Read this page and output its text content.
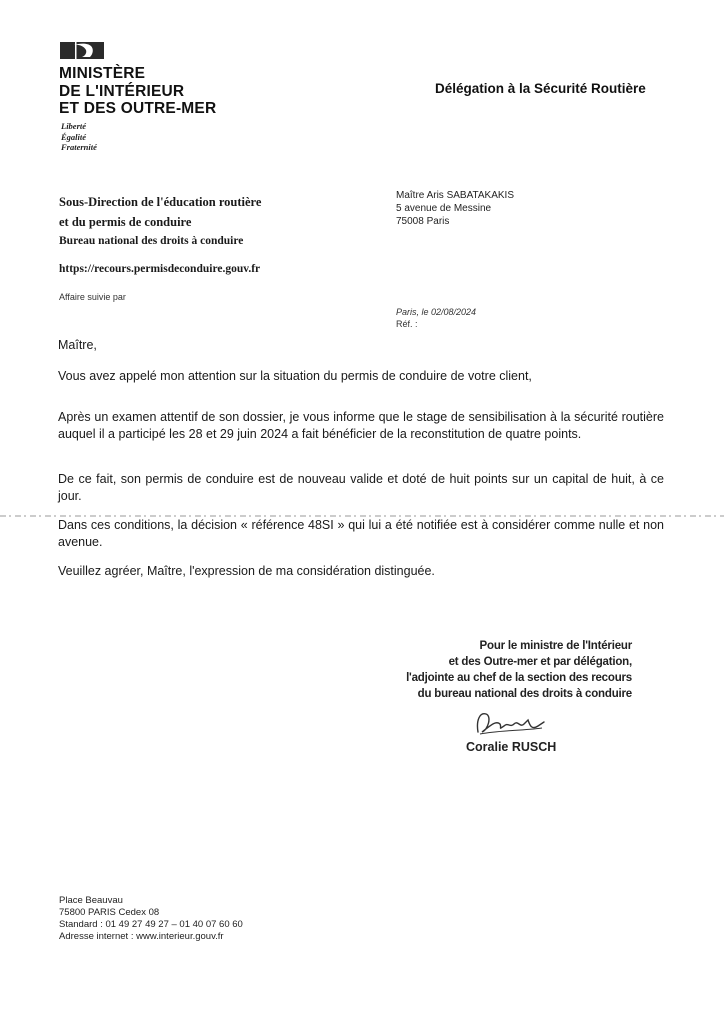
MINISTÈRE
DE L'INTÉRIEUR
ET DES OUTRE-MER
Liberté
Égalité
Fraternité
Délégation à la Sécurité Routière
Sous-Direction de l'éducation routière
et du permis de conduire
Bureau national des droits à conduire
Maître Aris SABATAKAKIS
5 avenue de Messine
75008 Paris
https://recours.permisdeconduire.gouv.fr
Affaire suivie par
Paris, le 02/08/2024
Réf. :

Maître,

Vous avez appelé mon attention sur la situation du permis de conduire de votre client,

Après un examen attentif de son dossier, je vous informe que le stage de sensibilisation à la sécurité routière auquel il a participé les 28 et 29 juin 2024 a fait bénéficier de la reconstitution de quatre points.

De ce fait, son permis de conduire est de nouveau valide et doté de huit points sur un capital de huit, à ce jour.

Dans ces conditions, la décision « référence 48SI » qui lui a été notifiée est à considérer comme nulle et non avenue.

Veuillez agréer, Maître, l'expression de ma considération distinguée.

Pour le ministre de l'Intérieur
et des Outre-mer et par délégation,
l'adjointe au chef de la section des recours
du bureau national des droits à conduire
Coralie RUSCH
Place Beauvau
75800 PARIS Cedex 08
Standard : 01 49 27 49 27 – 01 40 07 60 60
Adresse internet : www.interieur.gouv.fr
